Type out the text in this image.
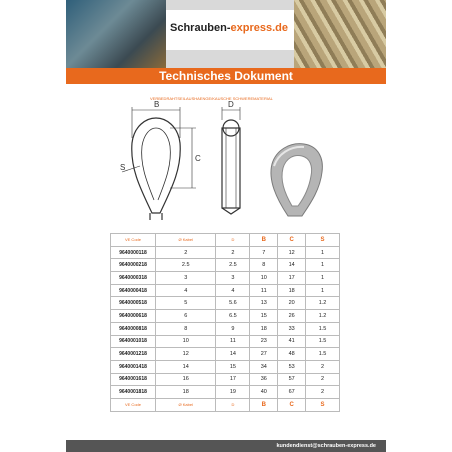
Schrauben-express.de
Technisches Dokument
VERBEDRAHTSEILAUSHAENGE/KAUSCHE SCHWEREMATERIAL
B
C
S
D
VE Code	Ø Kabel	D	B	C	S
9640000118	2	2	7	12	1
9640000218	2.5	2.5	8	14	1
9640000318	3	3	10	17	1
9640000418	4	4	11	18	1
9640000518	5	5.6	13	20	1.2
9640000618	6	6.5	15	26	1.2
9640000818	8	9	18	33	1.5
9640001018	10	11	23	41	1.5
9640001218	12	14	27	48	1.5
9640001418	14	15	34	53	2
9640001618	16	17	36	57	2
9640001818	18	19	40	67	2
VE Code	Ø Kabel	D	B	C	S
kundendienst@schrauben-express.de
